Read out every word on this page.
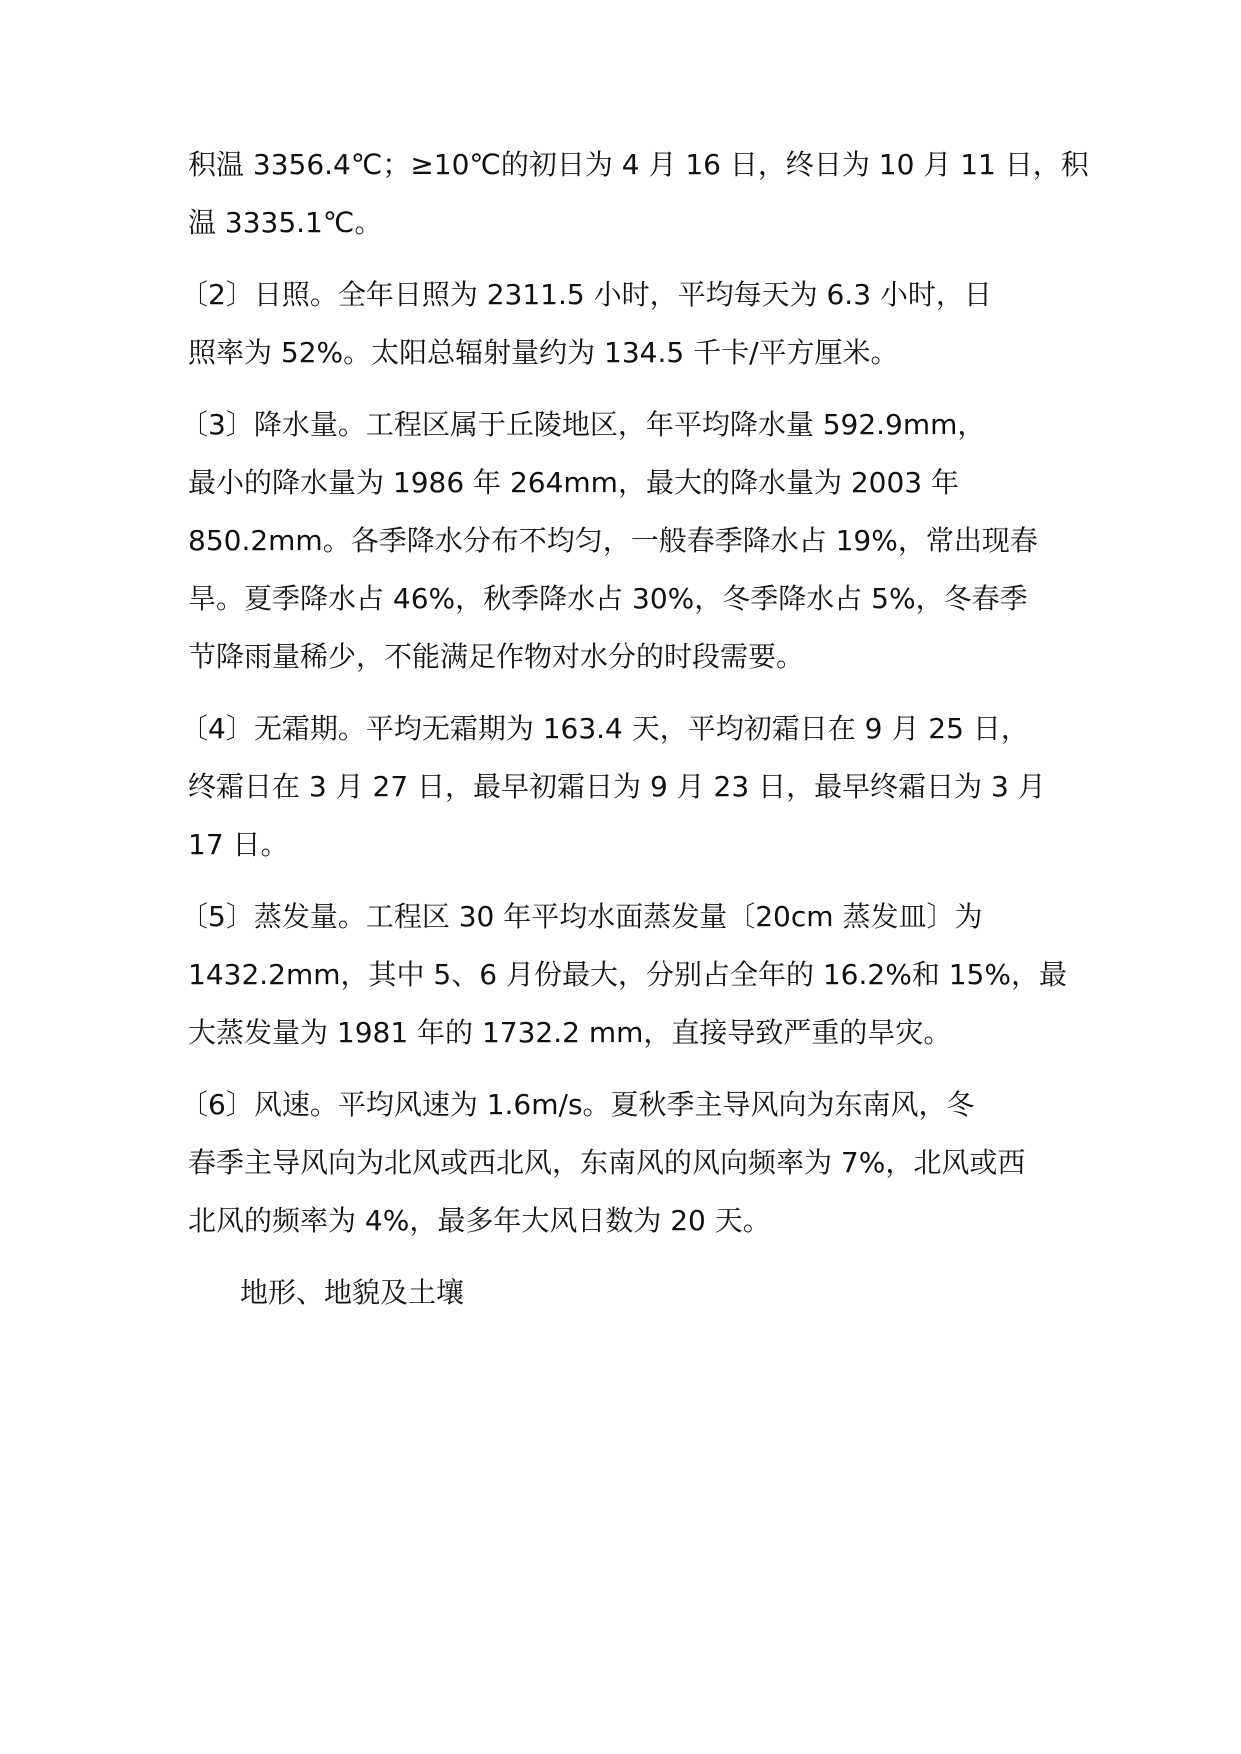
积温 3356.4℃；≥10℃的初日为 4 月 16 日，终日为 10 月 11 日，积
温 3335.1℃。
〔2〕日照。全年日照为 2311.5 小时，平均每天为 6.3 小时，日
照率为 52%。太阳总辐射量约为 134.5 千卡/平方厘米。
〔3〕降水量。工程区属于丘陵地区，年平均降水量 592.9mm，
最小的降水量为 1986 年 264mm，最大的降水量为 2003 年
850.2mm。各季降水分布不均匀，一般春季降水占 19%，常出现春
旱。夏季降水占 46%，秋季降水占 30%，冬季降水占 5%，冬春季
节降雨量稀少，不能满足作物对水分的时段需要。
〔4〕无霜期。平均无霜期为 163.4 天，平均初霜日在 9 月 25 日，
终霜日在 3 月 27 日，最早初霜日为 9 月 23 日，最早终霜日为 3 月
17 日。
〔5〕蒸发量。工程区 30 年平均水面蒸发量〔20cm 蒸发皿〕为
1432.2mm，其中 5、6 月份最大，分别占全年的 16.2%和 15%，最
大蒸发量为 1981 年的 1732.2 mm，直接导致严重的旱灾。
〔6〕风速。平均风速为 1.6m/s。夏秋季主导风向为东南风，冬
春季主导风向为北风或西北风，东南风的风向频率为 7%，北风或西
北风的频率为 4%，最多年大风日数为 20 天。
地形、地貌及土壤
